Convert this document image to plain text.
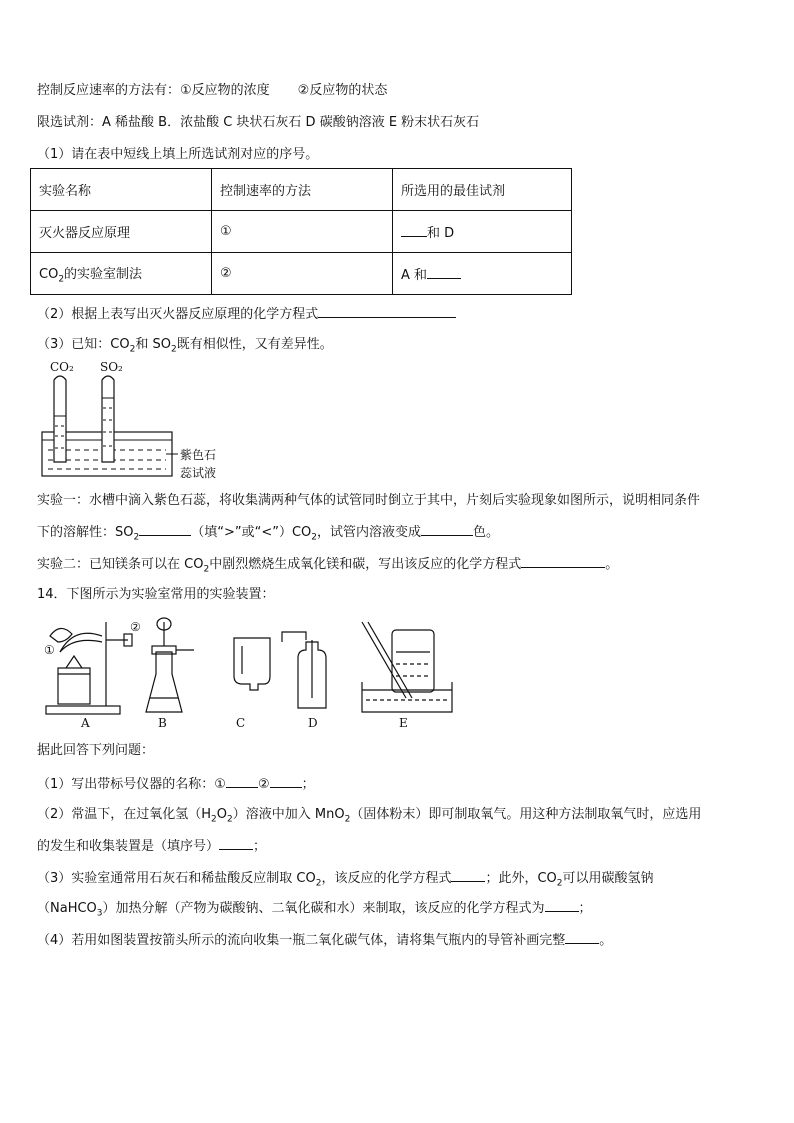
控制反应速率的方法有：①反应物的浓度 ②反应物的状态
限选试剂：A 稀盐酸 B．浓盐酸 C 块状石灰石 D 碳酸钠溶液 E 粉末状石灰石
（1）请在表中短线上填上所选试剂对应的序号。
实验名称	控制速率的方法	所选用的最佳试剂
灭火器反应原理	①	和 D
$CO_2$的实验室制法	②	A 和
（2）根据上表写出灭火器反应原理的化学方程式
（3）已知：$CO_2$和 $SO_2$既有相似性，又有差异性。
CO₂ SO₂
紫色石
蕊试液
实验一：水槽中滴入紫色石蕊，将收集满两种气体的试管同时倒立于其中，片刻后实验现象如图所示，说明相同条件
下的溶解性：$SO_2$	（填“>”或“$<”)CO_2$，试管内溶液变成	色。
实验二：已知镁条可以在 $CO_2$中剧烈燃烧生成氧化镁和碳，写出该反应的化学方程式	。
14．下图所示为实验室常用的实验装置：
①
②
A	B	C	D	E
据此回答下列问题：
（1）写出带标号仪器的名称：① ② ；
（2）常温下，在过氧化氢$(H_2O_2)$溶液中加入 MnO$_2$（固体粉末）即可制取氧气。用这种方法制取氧气时，应选用
的发生和收集装置是（填序号）	；
（3）实验室通常用石灰石和稀盐酸反应制取 $CO_2$，该反应的化学方程式	；此外，$CO_2$可以用碳酸氢钠
（NaHCO$_3$）加热分解（产物为碳酸钠、二氧化碳和水）来制取，该反应的化学方程式为	；
（4）若用如图装置按箭头所示的流向收集一瓶二氧化碳气体，请将集气瓶内的导管补画完整	。
